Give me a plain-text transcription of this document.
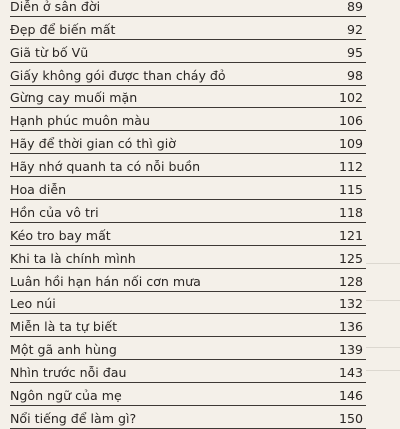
Diễn ở sân đời	89
Đẹp để biến mất	92
Giã từ bố Vũ	95
Giấy không gói được than cháy đỏ	98
Gừng cay muối mặn	102
Hạnh phúc muôn màu	106
Hãy để thời gian có thì giờ	109
Hãy nhớ quanh ta có nỗi buồn	112
Hoa diễn	115
Hồn của vô tri	118
Kéo tro bay mất	121
Khi ta là chính mình	125
Luân hồi hạn hán nối cơn mưa	128
Leo núi	132
Miễn là ta tự biết	136
Một gã anh hùng	139
Nhìn trước nỗi đau	143
Ngôn ngữ của mẹ	146
Nổi tiếng để làm gì?	150
